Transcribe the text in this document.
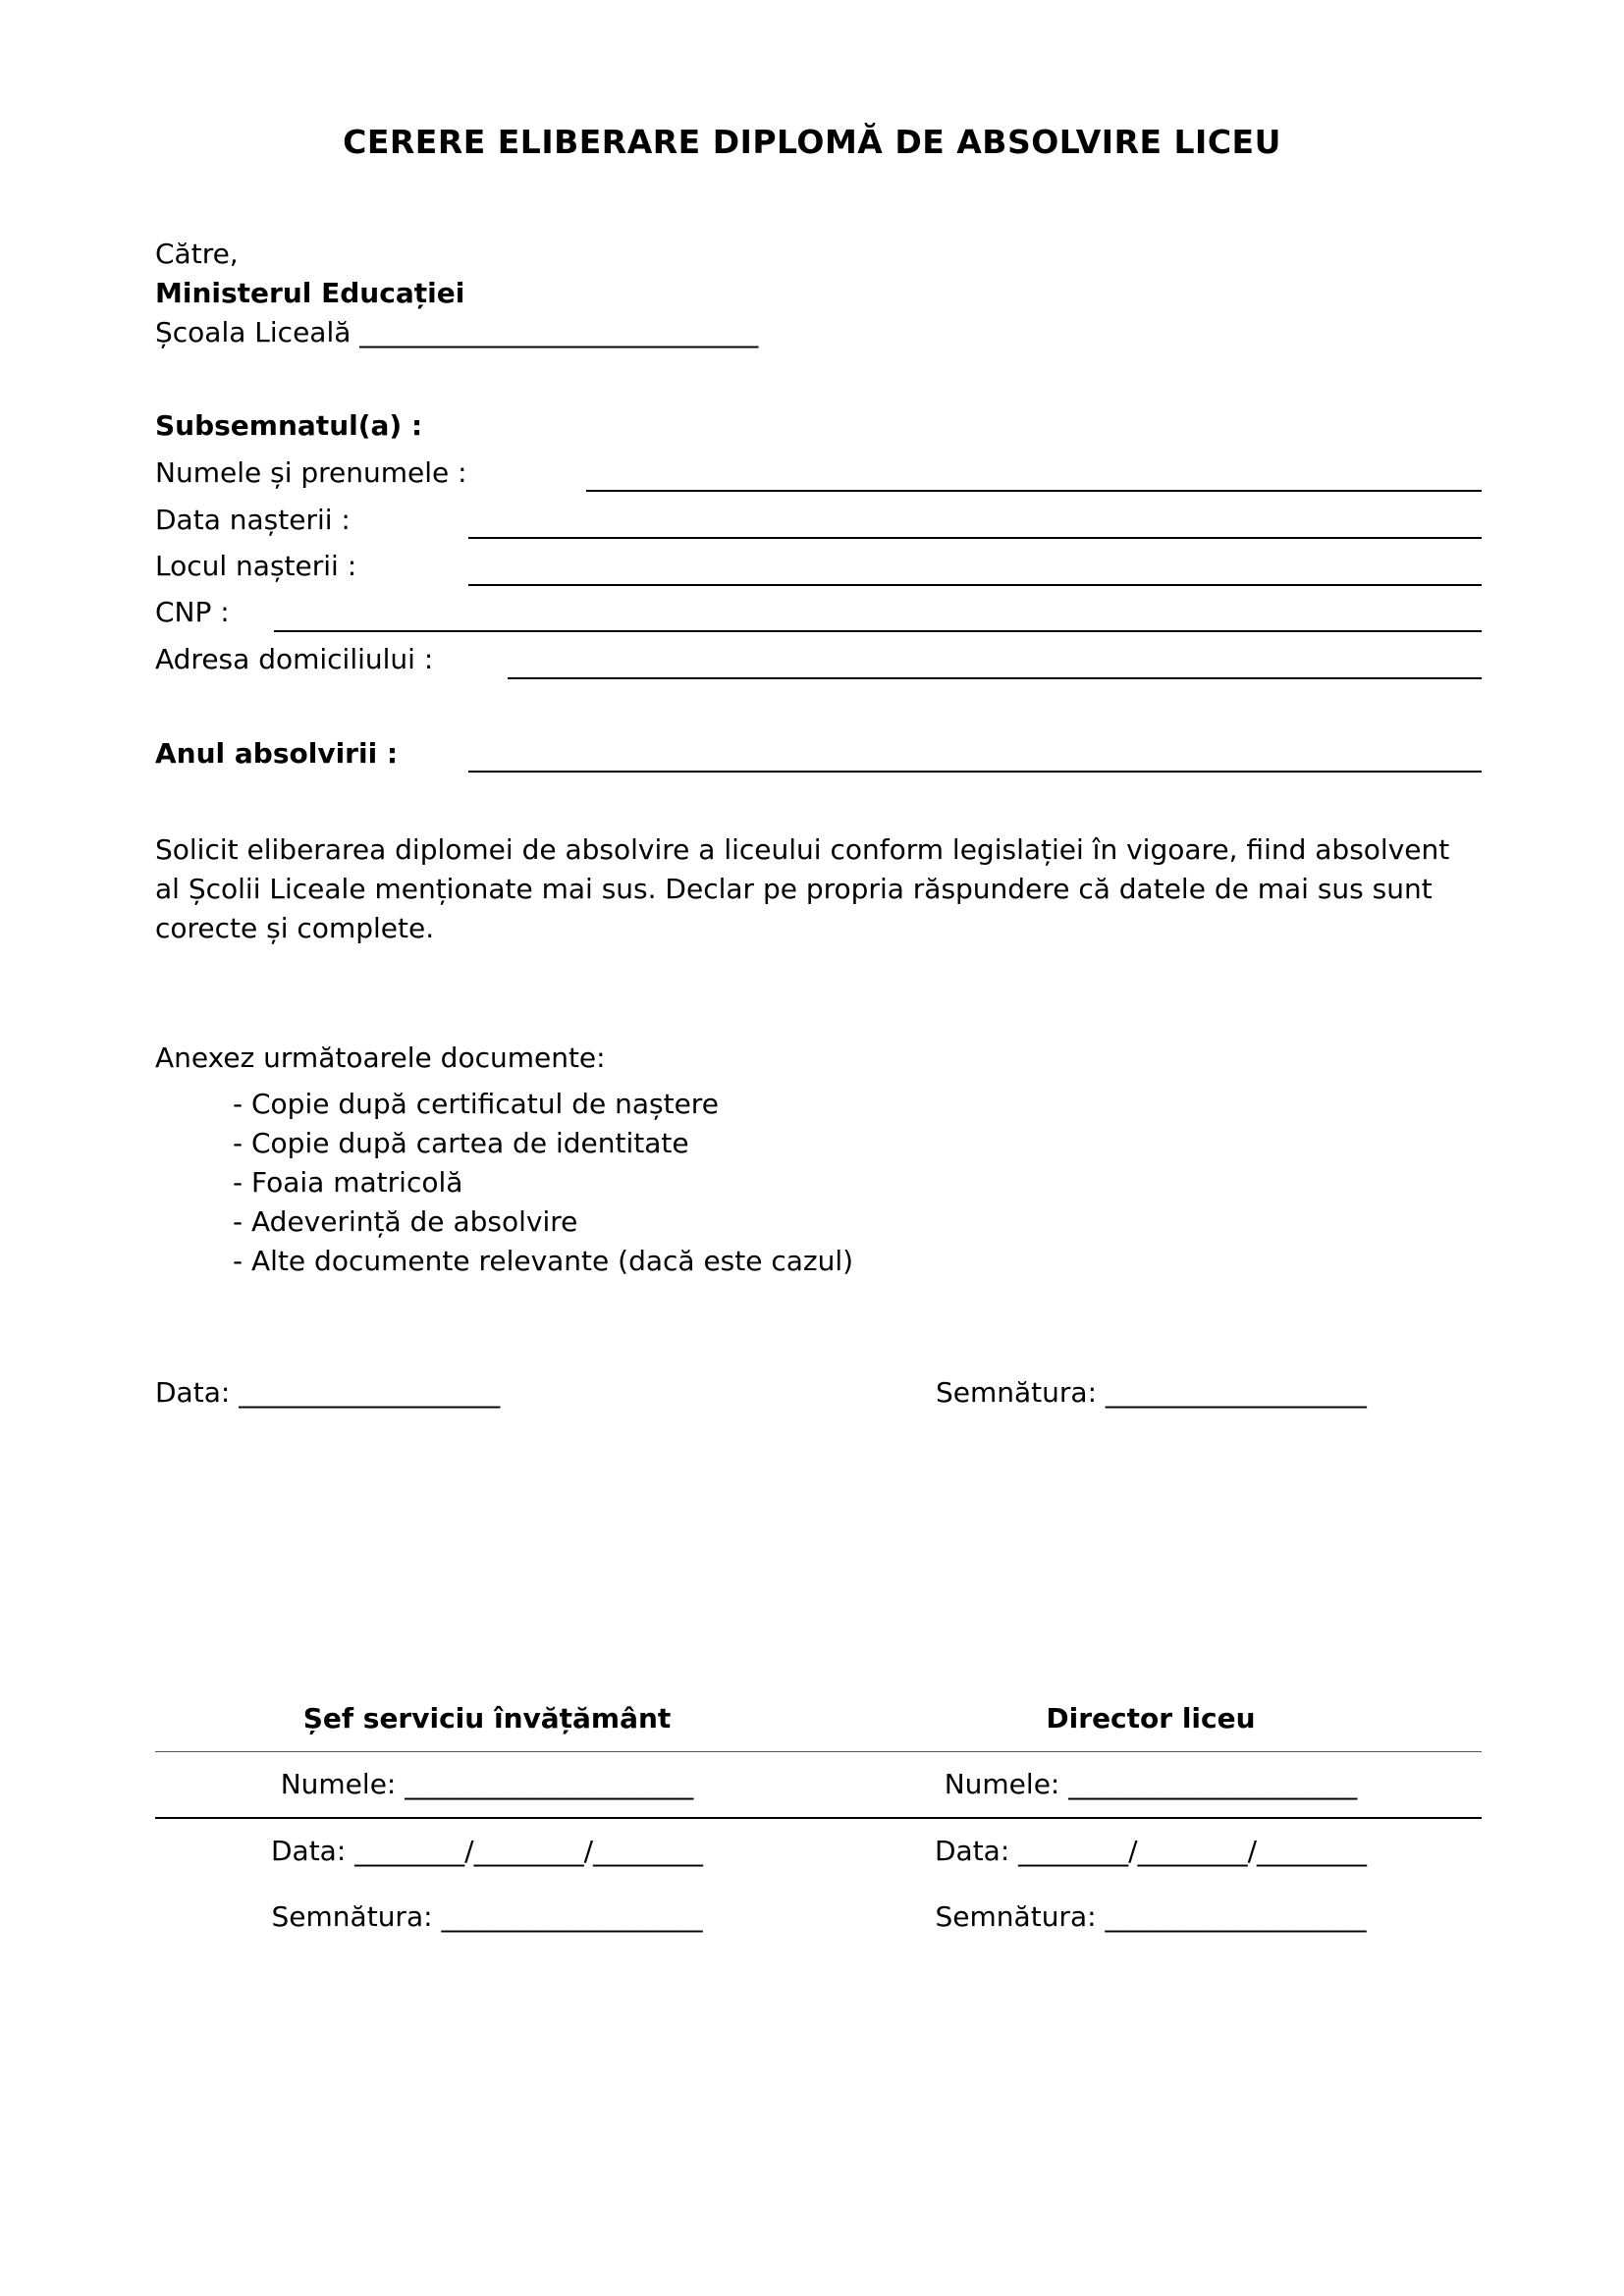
CERERE ELIBERARE DIPLOMĂ DE ABSOLVIRE LICEU
Către,
Ministerul Educației
Școala Liceală _____________________________
Subsemnatul(a) :
Numele și prenumele :
Data nașterii :
Locul nașterii :
CNP :
Adresa domiciliului :
Anul absolvirii :
Solicit eliberarea diplomei de absolvire a liceului conform legislației în vigoare, fiind absolvent al Școlii Liceale menționate mai sus. Declar pe propria răspundere că datele de mai sus sunt corecte și complete.
Anexez următoarele documente:
- Copie după certificatul de naștere
- Copie după cartea de identitate
- Foaia matricolă
- Adeverință de absolvire
- Alte documente relevante (dacă este cazul)
Data: ___________________	Semnătura: ___________________
Șef serviciu învățământ	Director liceu
Numele: _____________________	Numele: _____________________
Data: ________/________/________	Data: ________/________/________
Semnătura: ___________________	Semnătura: ___________________
